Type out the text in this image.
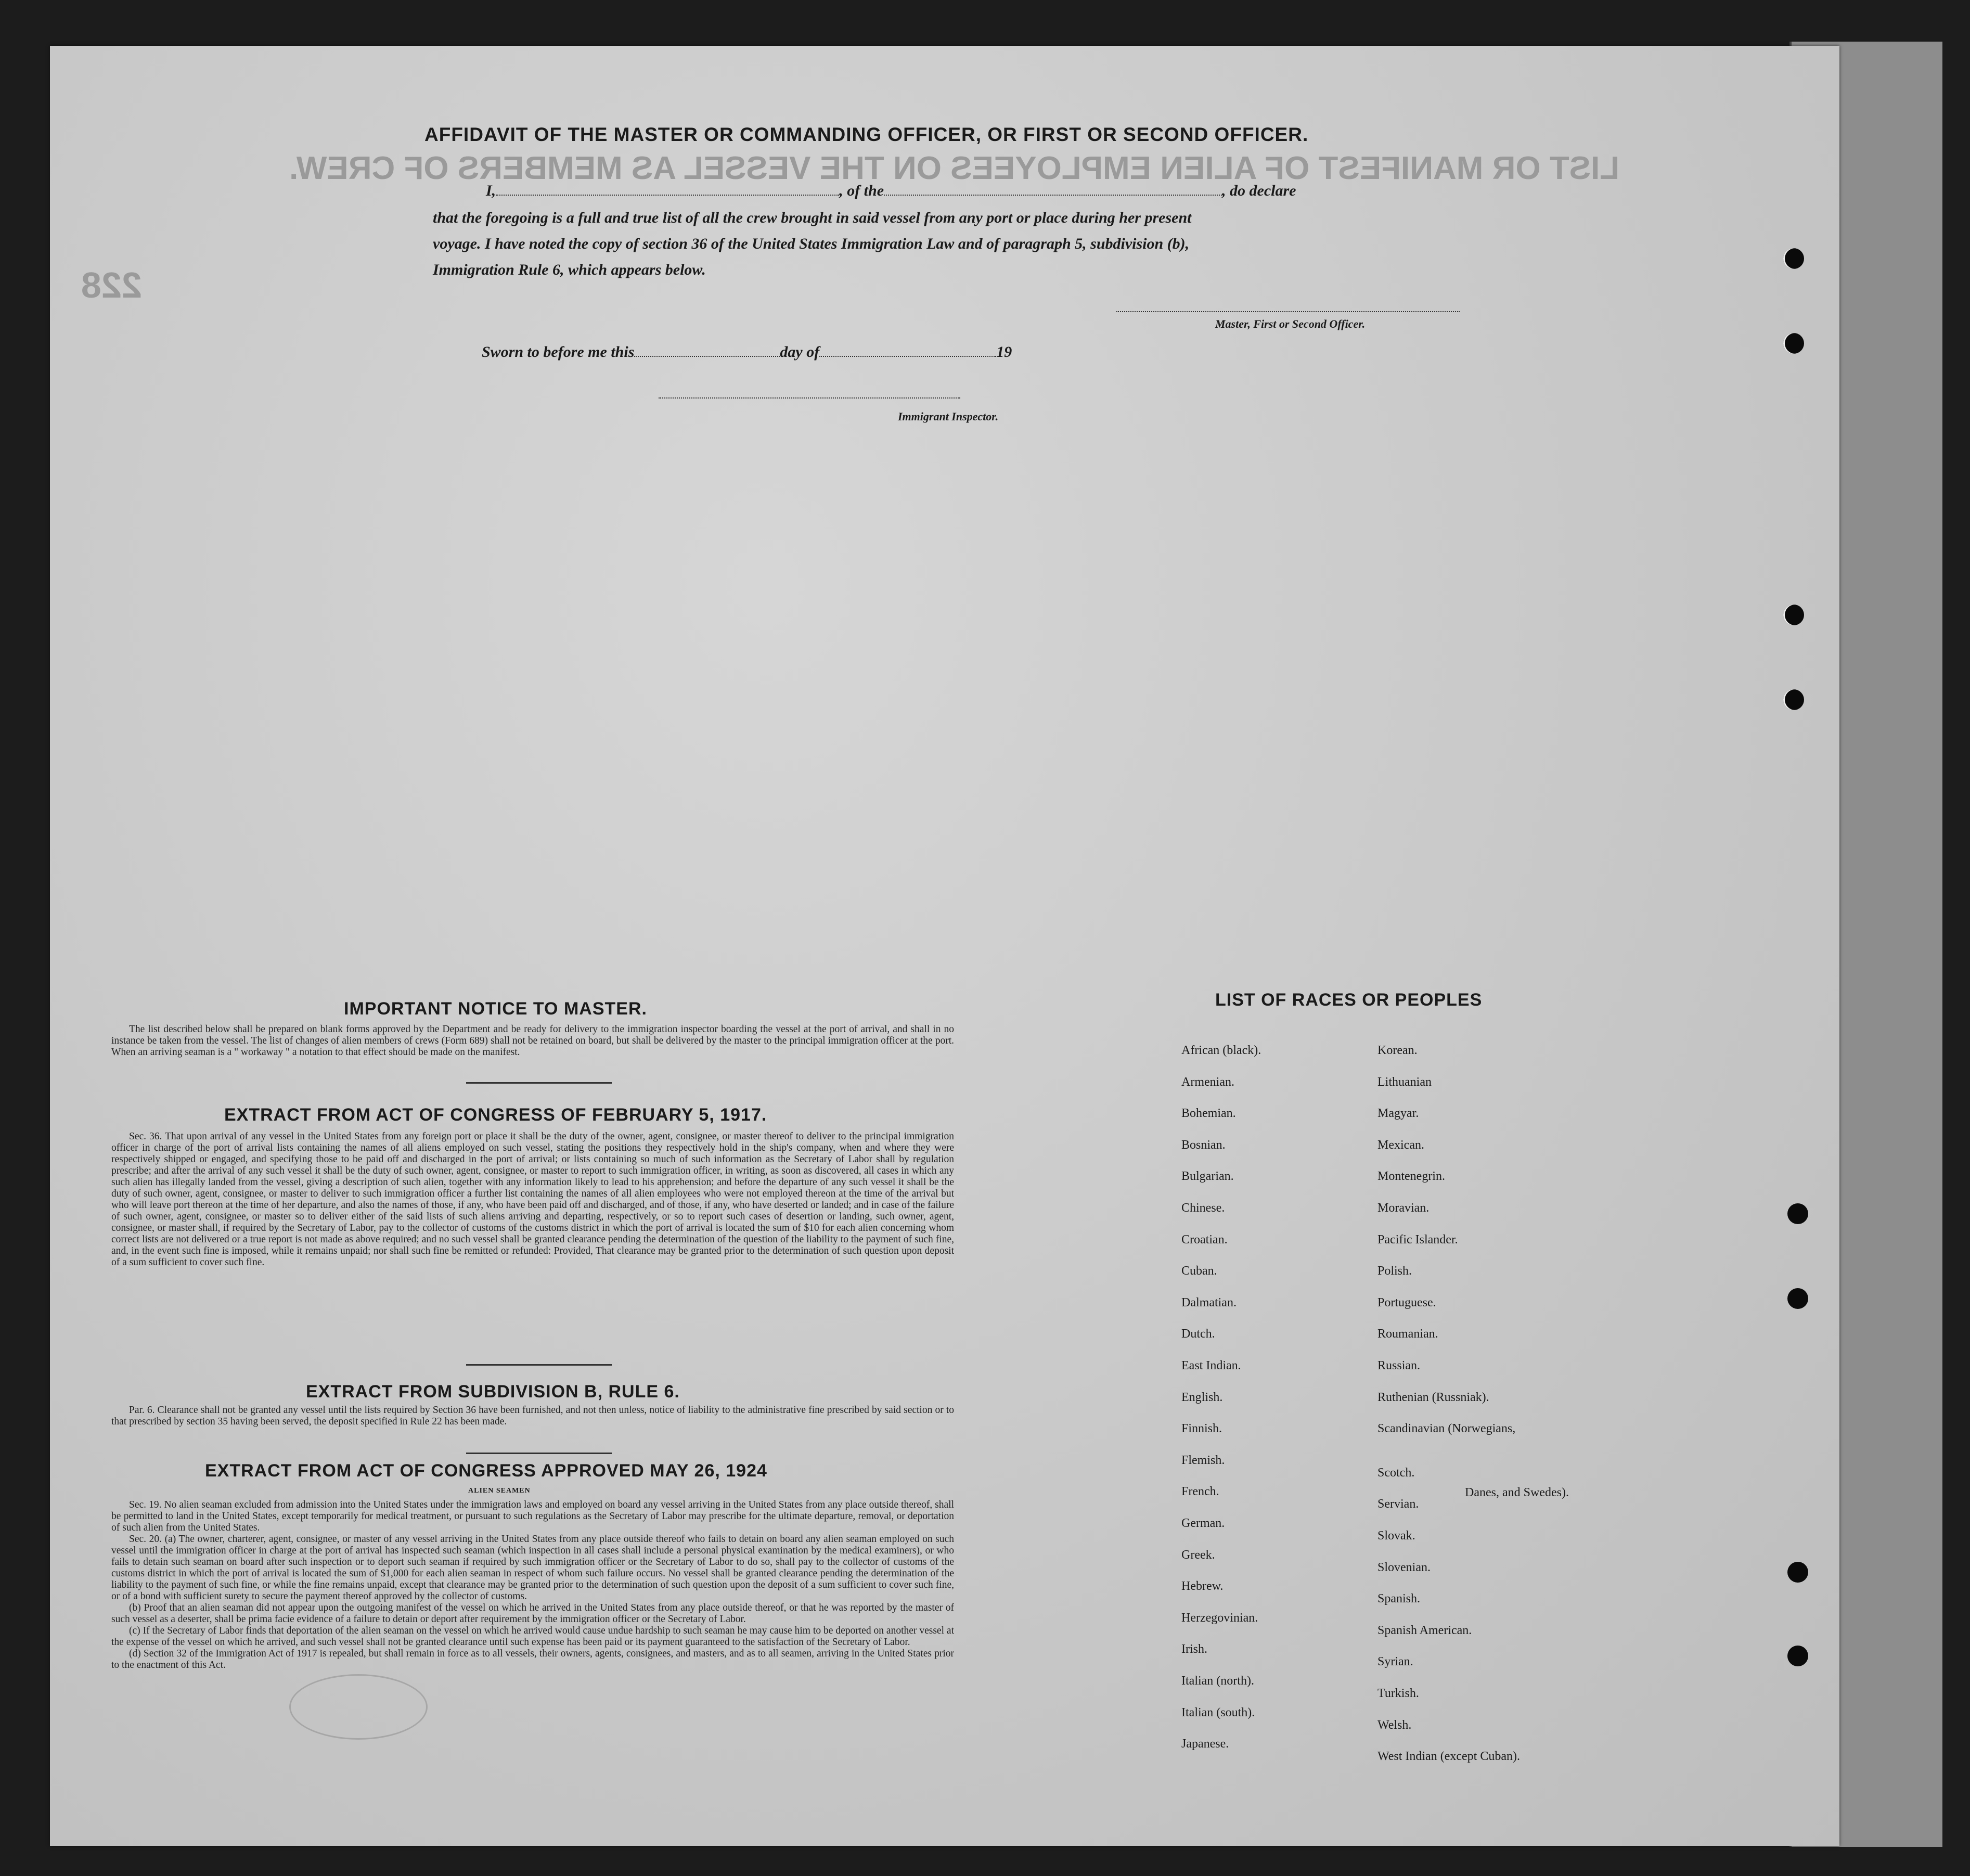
LIST OR MANIFEST OF ALIEN EMPLOYEES ON THE VESSEL AS MEMBERS OF CREW.
228
AFFIDAVIT OF THE MASTER OR COMMANDING OFFICER, OR FIRST OR SECOND OFFICER.
I,	, of the	, do declare
that the foregoing is a full and true list of all the crew brought in said vessel from any port or place during her present
voyage. I have noted the copy of section 36 of the United States Immigration Law and of paragraph 5, subdivision (b),
Immigration Rule 6, which appears below.
Master, First or Second Officer.
Sworn to before me this	day of	19
Immigrant Inspector.
IMPORTANT NOTICE TO MASTER.

The list described below shall be prepared on blank forms approved by the Department and be ready for delivery to the immigration inspector boarding the vessel at the port of arrival, and shall in no instance be taken from the vessel. The list of changes of alien members of crews (Form 689) shall not be retained on board, but shall be delivered by the master to the principal immigration officer at the port. When an arriving seaman is a " workaway " a notation to that effect should be made on the manifest.

EXTRACT FROM ACT OF CONGRESS OF FEBRUARY 5, 1917.

Sec. 36. That upon arrival of any vessel in the United States from any foreign port or place it shall be the duty of the owner, agent, consignee, or master thereof to deliver to the principal immigration officer in charge of the port of arrival lists containing the names of all aliens employed on such vessel, stating the positions they respectively hold in the ship's company, when and where they were respectively shipped or engaged, and specifying those to be paid off and discharged in the port of arrival; or lists containing so much of such information as the Secretary of Labor shall by regulation prescribe; and after the arrival of any such vessel it shall be the duty of such owner, agent, consignee, or master to report to such immigration officer, in writing, as soon as discovered, all cases in which any such alien has illegally landed from the vessel, giving a description of such alien, together with any information likely to lead to his apprehension; and before the departure of any such vessel it shall be the duty of such owner, agent, consignee, or master to deliver to such immigration officer a further list containing the names of all alien employees who were not employed thereon at the time of the arrival but who will leave port thereon at the time of her departure, and also the names of those, if any, who have been paid off and discharged, and of those, if any, who have deserted or landed; and in case of the failure of such owner, agent, consignee, or master so to deliver either of the said lists of such aliens arriving and departing, respectively, or so to report such cases of desertion or landing, such owner, agent, consignee, or master shall, if required by the Secretary of Labor, pay to the collector of customs of the customs district in which the port of arrival is located the sum of $10 for each alien concerning whom correct lists are not delivered or a true report is not made as above required; and no such vessel shall be granted clearance pending the determination of the question of the liability to the payment of such fine, and, in the event such fine is imposed, while it remains unpaid; nor shall such fine be remitted or refunded: Provided, That clearance may be granted prior to the determination of such question upon deposit of a sum sufficient to cover such fine.

EXTRACT FROM SUBDIVISION B, RULE 6.

Par. 6. Clearance shall not be granted any vessel until the lists required by Section 36 have been furnished, and not then unless, notice of liability to the administrative fine prescribed by said section or to that prescribed by section 35 having been served, the deposit specified in Rule 22 has been made.

EXTRACT FROM ACT OF CONGRESS APPROVED MAY 26, 1924
ALIEN SEAMEN

Sec. 19. No alien seaman excluded from admission into the United States under the immigration laws and employed on board any vessel arriving in the United States from any place outside thereof, shall be permitted to land in the United States, except temporarily for medical treatment, or pursuant to such regulations as the Secretary of Labor may prescribe for the ultimate departure, removal, or deportation of such alien from the United States.

Sec. 20. (a) The owner, charterer, agent, consignee, or master of any vessel arriving in the United States from any place outside thereof who fails to detain on board any alien seaman employed on such vessel until the immigration officer in charge at the port of arrival has inspected such seaman (which inspection in all cases shall include a personal physical examination by the medical examiners), or who fails to detain such seaman on board after such inspection or to deport such seaman if required by such immigration officer or the Secretary of Labor to do so, shall pay to the collector of customs of the customs district in which the port of arrival is located the sum of $1,000 for each alien seaman in respect of whom such failure occurs. No vessel shall be granted clearance pending the determination of the liability to the payment of such fine, or while the fine remains unpaid, except that clearance may be granted prior to the determination of such question upon the deposit of a sum sufficient to cover such fine, or of a bond with sufficient surety to secure the payment thereof approved by the collector of customs.

(b) Proof that an alien seaman did not appear upon the outgoing manifest of the vessel on which he arrived in the United States from any place outside thereof, or that he was reported by the master of such vessel as a deserter, shall be prima facie evidence of a failure to detain or deport after requirement by the immigration officer or the Secretary of Labor.

(c) If the Secretary of Labor finds that deportation of the alien seaman on the vessel on which he arrived would cause undue hardship to such seaman he may cause him to be deported on another vessel at the expense of the vessel on which he arrived, and such vessel shall not be granted clearance until such expense has been paid or its payment guaranteed to the satisfaction of the Secretary of Labor.

(d) Section 32 of the Immigration Act of 1917 is repealed, but shall remain in force as to all vessels, their owners, agents, consignees, and masters, and as to all seamen, arriving in the United States prior to the enactment of this Act.

LIST OF RACES OR PEOPLES
African (black).
Armenian.
Bohemian.
Bosnian.
Bulgarian.
Chinese.
Croatian.
Cuban.
Dalmatian.
Dutch.
East Indian.
English.
Finnish.
Flemish.
French.
German.
Greek.
Hebrew.
Herzegovinian.
Irish.
Italian (north).
Italian (south).
Japanese.
Korean.
Lithuanian
Magyar.
Mexican.
Montenegrin.
Moravian.
Pacific Islander.
Polish.
Portuguese.
Roumanian.
Russian.
Ruthenian (Russniak).
Scandinavian (Norwegians,
Scotch.
Servian.
Slovak.
Slovenian.
Spanish.
Spanish American.
Syrian.
Turkish.
Welsh.
West Indian (except Cuban).
Danes, and Swedes).
